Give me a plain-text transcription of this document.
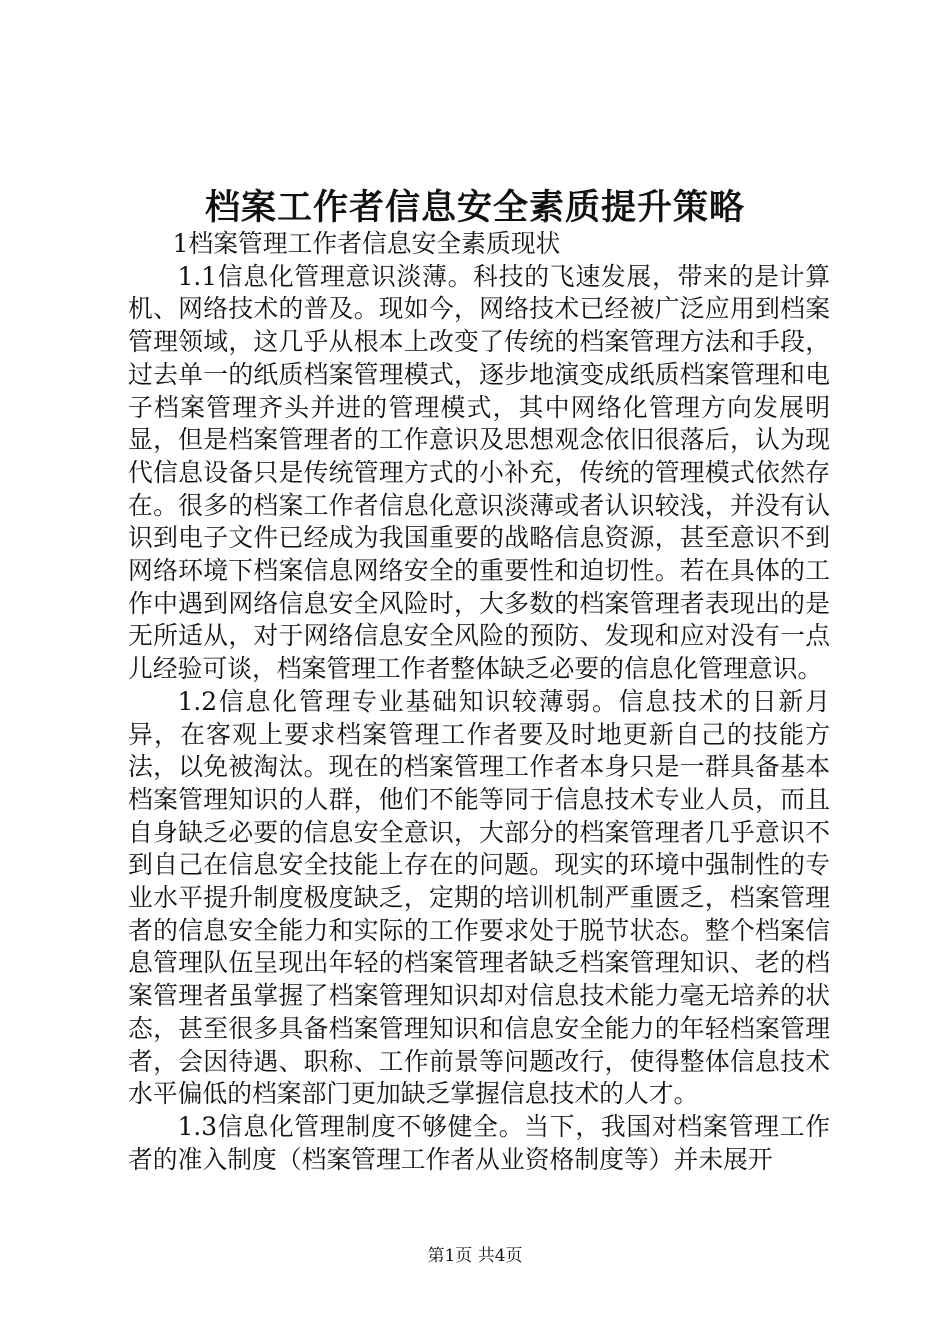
档案工作者信息安全素质提升策略

1档案管理工作者信息安全素质现状

1.1信息化管理意识淡薄。科技的飞速发展，带来的是计算机、网络技术的普及。现如今，网络技术已经被广泛应用到档案管理领域，这几乎从根本上改变了传统的档案管理方法和手段，过去单一的纸质档案管理模式，逐步地演变成纸质档案管理和电子档案管理齐头并进的管理模式，其中网络化管理方向发展明显，但是档案管理者的工作意识及思想观念依旧很落后，认为现代信息设备只是传统管理方式的小补充，传统的管理模式依然存在。很多的档案工作者信息化意识淡薄或者认识较浅，并没有认识到电子文件已经成为我国重要的战略信息资源，甚至意识不到网络环境下档案信息网络安全的重要性和迫切性。若在具体的工作中遇到网络信息安全风险时，大多数的档案管理者表现出的是无所适从，对于网络信息安全风险的预防、发现和应对没有一点儿经验可谈，档案管理工作者整体缺乏必要的信息化管理意识。

1.2信息化管理专业基础知识较薄弱。信息技术的日新月异，在客观上要求档案管理工作者要及时地更新自己的技能方法，以免被淘汰。现在的档案管理工作者本身只是一群具备基本档案管理知识的人群，他们不能等同于信息技术专业人员，而且自身缺乏必要的信息安全意识，大部分的档案管理者几乎意识不到自己在信息安全技能上存在的问题。现实的环境中强制性的专业水平提升制度极度缺乏，定期的培训机制严重匮乏，档案管理者的信息安全能力和实际的工作要求处于脱节状态。整个档案信息管理队伍呈现出年轻的档案管理者缺乏档案管理知识、老的档案管理者虽掌握了档案管理知识却对信息技术能力毫无培养的状态，甚至很多具备档案管理知识和信息安全能力的年轻档案管理者，会因待遇、职称、工作前景等问题改行，使得整体信息技术水平偏低的档案部门更加缺乏掌握信息技术的人才。

1.3信息化管理制度不够健全。当下，我国对档案管理工作者的准入制度（档案管理工作者从业资格制度等）并未展开

第1页 共4页
